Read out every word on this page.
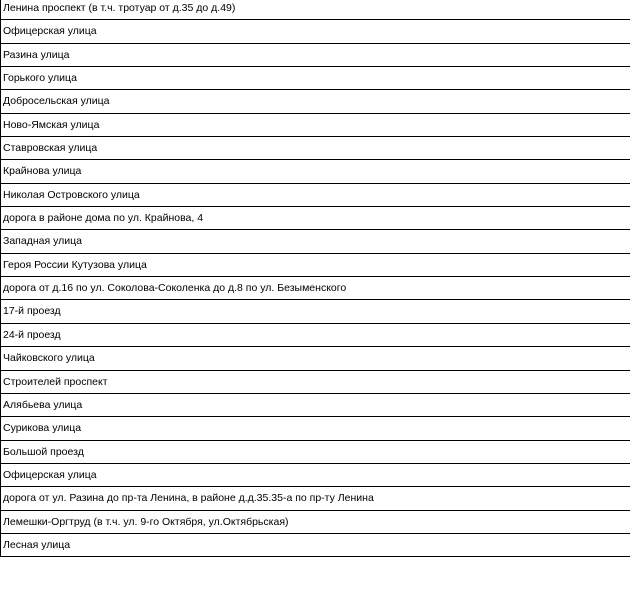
Ленина проспект (в т.ч. тротуар от д.35 до д.49)
Офицерская улица
Разина улица
Горького улица
Добросельская улица
Ново-Ямская улица
Ставровская улица
Крайнова улица
Николая Островского улица
дорога в районе дома по ул. Крайнова, 4
Западная улица
Героя России Кутузова улица
дорога от д.16 по ул. Соколова-Соколенка до д.8 по ул. Безыменского
17-й проезд
24-й проезд
Чайковского улица
Строителей проспект
Алябьева улица
Сурикова улица
Большой проезд
Офицерская улица
дорога от ул. Разина до пр-та Ленина, в районе д.д.35.35-а по пр-ту Ленина
Лемешки-Оргтруд (в т.ч. ул. 9-го Октября, ул.Октябрьская)
Лесная улица
